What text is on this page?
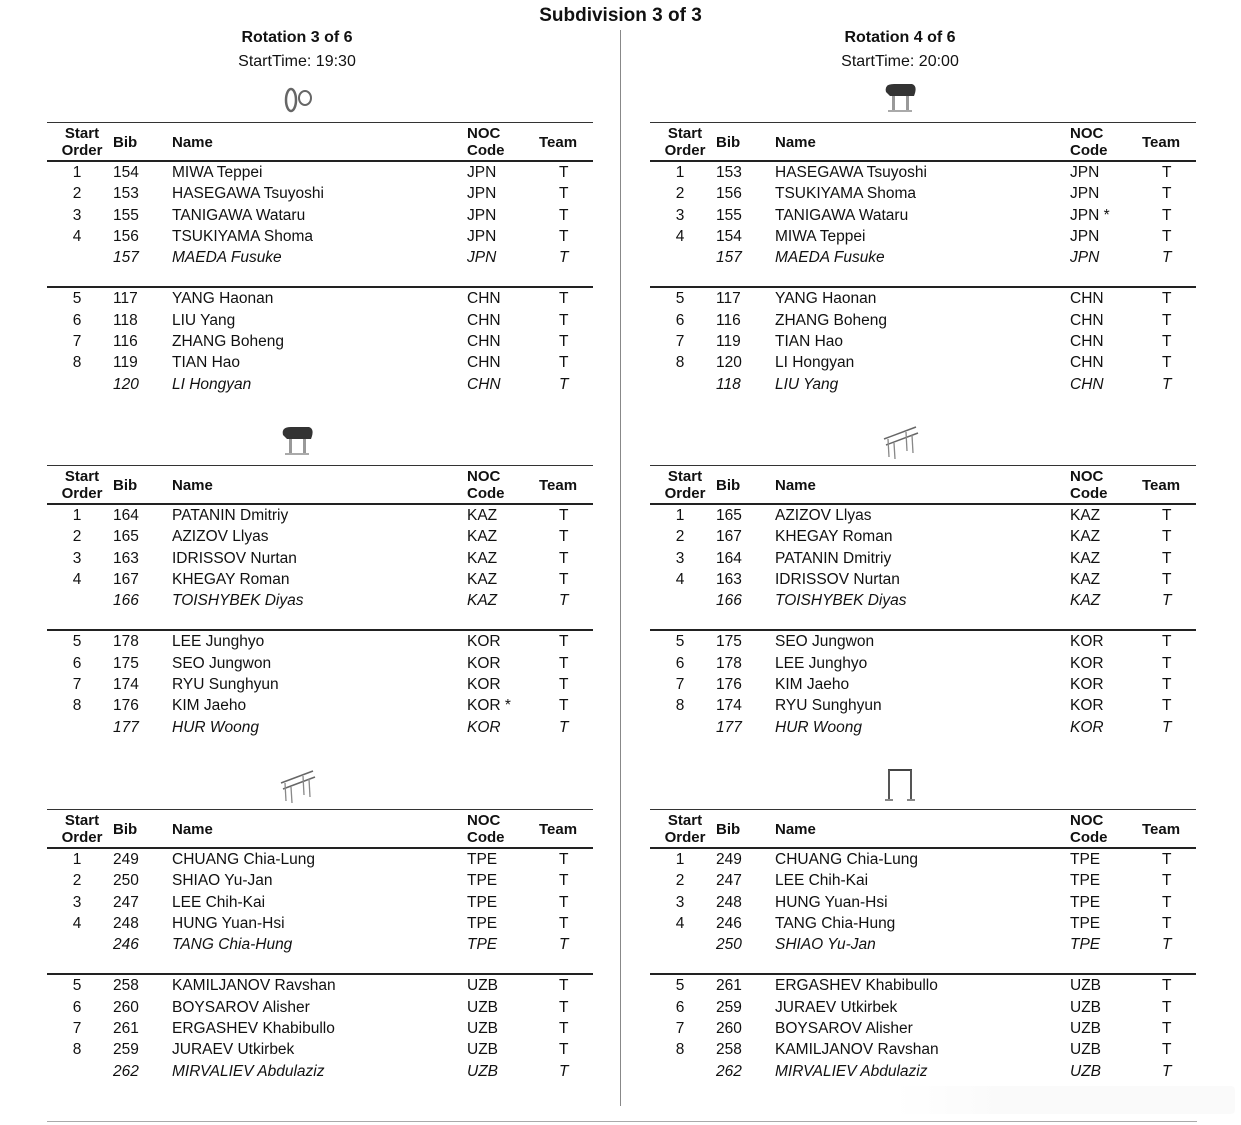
Subdivision 3 of 3
Rotation 3 of 6
StartTime: 19:30
Start
Order Bib Name
NOC
Code Team
1	154 MIWA Teppei	JPN	T
2	153 HASEGAWA Tsuyoshi	JPN	T
3	155 TANIGAWA Wataru	JPN	T
4	156 TSUKIYAMA Shoma	JPN	T
157 MAEDA Fusuke	JPN	T
5	117 YANG Haonan	CHN	T
6	118 LIU Yang	CHN	T
7	116 ZHANG Boheng	CHN	T
8	119 TIAN Hao	CHN	T
120 LI Hongyan	CHN	T
Start
Order Bib Name
NOC
Code Team
1	164 PATANIN Dmitriy	KAZ	T
2	165 AZIZOV Llyas	KAZ	T
3	163 IDRISSOV Nurtan	KAZ	T
4	167 KHEGAY Roman	KAZ	T
166 TOISHYBEK Diyas	KAZ	T
5	178 LEE Junghyo	KOR	T
6	175 SEO Jungwon	KOR	T
7	174 RYU Sunghyun	KOR	T
8	176 KIM Jaeho	KOR *	T
177 HUR Woong	KOR	T
Start
Order Bib Name
NOC
Code Team
1	249 CHUANG Chia-Lung	TPE	T
2	250 SHIAO Yu-Jan	TPE	T
3	247 LEE Chih-Kai	TPE	T
4	248 HUNG Yuan-Hsi	TPE	T
246 TANG Chia-Hung	TPE	T
5	258 KAMILJANOV Ravshan	UZB	T
6	260 BOYSAROV Alisher	UZB	T
7	261 ERGASHEV Khabibullo	UZB	T
8	259 JURAEV Utkirbek	UZB	T
262 MIRVALIEV Abdulaziz	UZB	T
Rotation 4 of 6
StartTime: 20:00
Start
Order Bib Name
NOC
Code Team
1	153 HASEGAWA Tsuyoshi	JPN	T
2	156 TSUKIYAMA Shoma	JPN	T
3	155 TANIGAWA Wataru	JPN *	T
4	154 MIWA Teppei	JPN	T
157 MAEDA Fusuke	JPN	T
5	117 YANG Haonan	CHN	T
6	116 ZHANG Boheng	CHN	T
7	119 TIAN Hao	CHN	T
8	120 LI Hongyan	CHN	T
118 LIU Yang	CHN	T
Start
Order Bib Name
NOC
Code Team
1	165 AZIZOV Llyas	KAZ	T
2	167 KHEGAY Roman	KAZ	T
3	164 PATANIN Dmitriy	KAZ	T
4	163 IDRISSOV Nurtan	KAZ	T
166 TOISHYBEK Diyas	KAZ	T
5	175 SEO Jungwon	KOR	T
6	178 LEE Junghyo	KOR	T
7	176 KIM Jaeho	KOR	T
8	174 RYU Sunghyun	KOR	T
177 HUR Woong	KOR	T
Start
Order Bib Name
NOC
Code Team
1	249 CHUANG Chia-Lung	TPE	T
2	247 LEE Chih-Kai	TPE	T
3	248 HUNG Yuan-Hsi	TPE	T
4	246 TANG Chia-Hung	TPE	T
250 SHIAO Yu-Jan	TPE	T
5	261 ERGASHEV Khabibullo	UZB	T
6	259 JURAEV Utkirbek	UZB	T
7	260 BOYSAROV Alisher	UZB	T
8	258 KAMILJANOV Ravshan	UZB	T
262 MIRVALIEV Abdulaziz	UZB	T
